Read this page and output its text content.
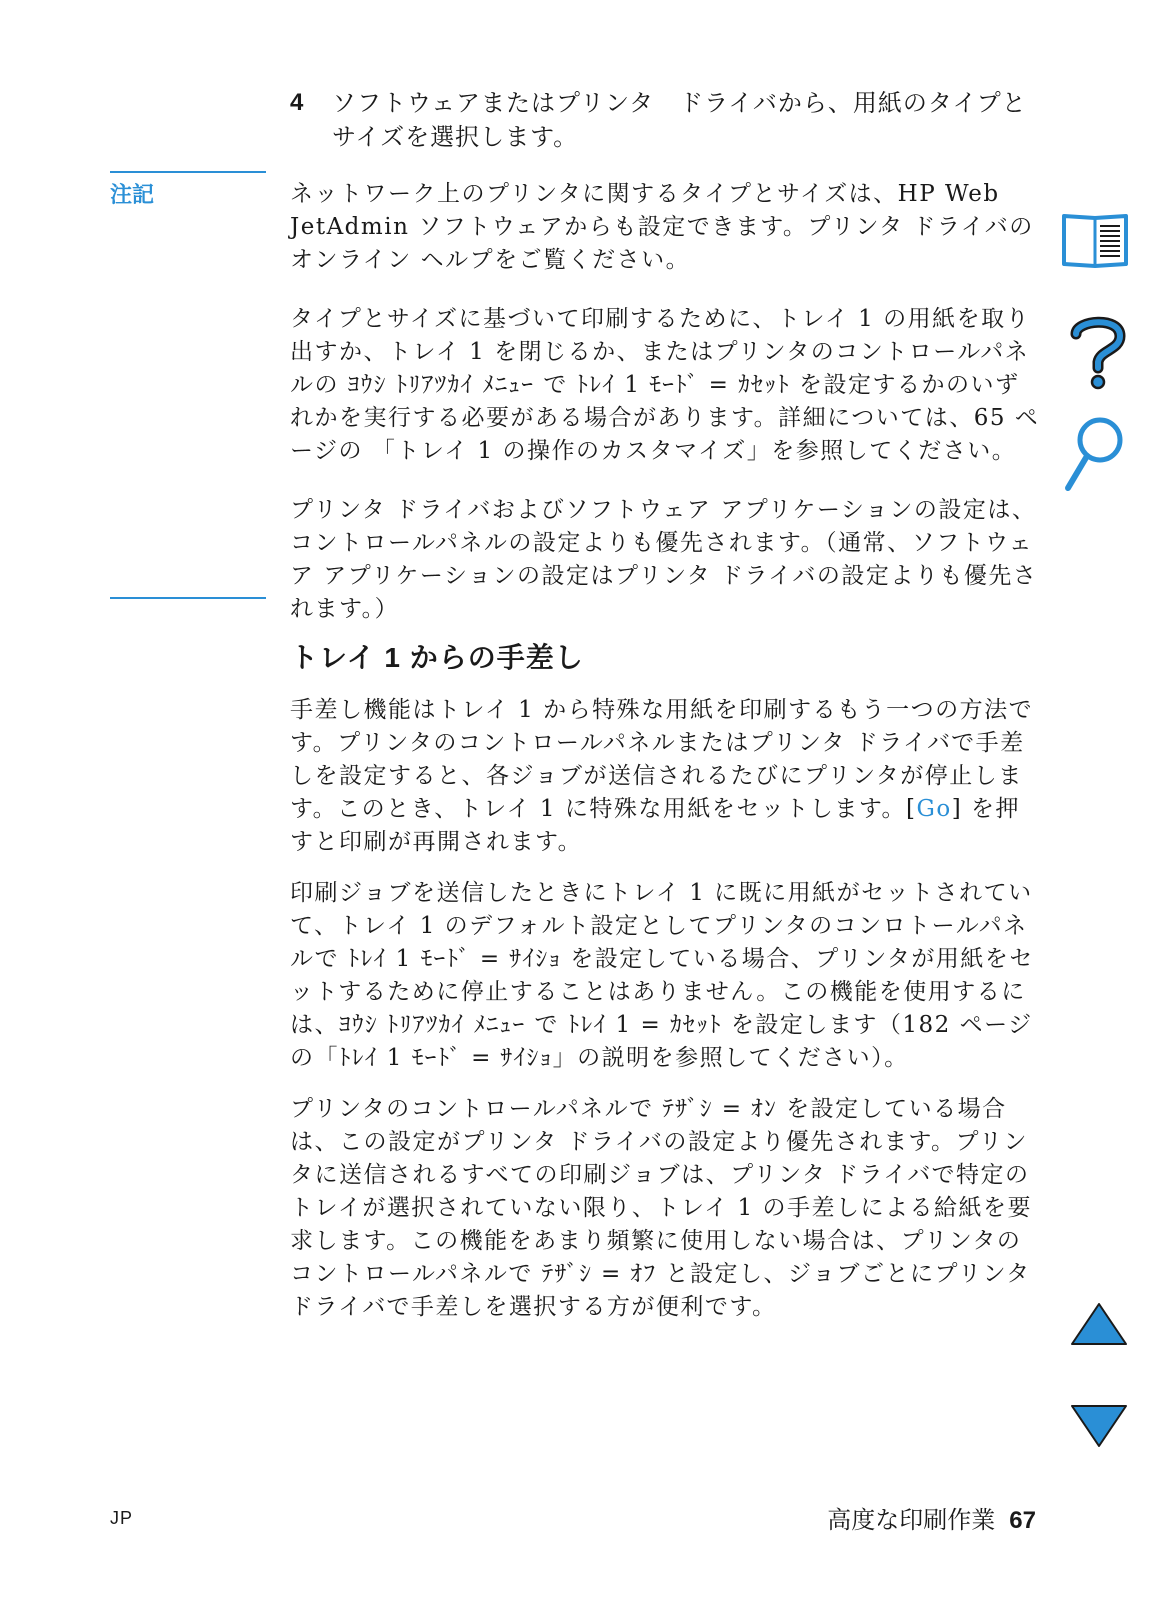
4	ソフトウェアまたはプリンタ　ドライバから、用紙のタイプとサイズを選択します。
注記	ネットワーク上のプリンタに関するタイプとサイズは、HP Web JetAdmin ソフトウェアからも設定できます。プリンタ ドライバのオンライン ヘルプをご覧ください。

タイプとサイズに基づいて印刷するために、トレイ 1 の用紙を取り出すか、トレイ 1 を閉じるか、またはプリンタのコントロールパネルの ﾖｳｼ ﾄﾘｱﾂｶｲ ﾒﾆｭｰ で ﾄﾚｲ 1 ﾓｰﾄﾞ = ｶｾｯﾄ を設定するかのいずれかを実行する必要がある場合があります。詳細については、65 ページの 「トレイ 1 の操作のカスタマイズ」を参照してください。

プリンタ ドライバおよびソフトウェア アプリケーションの設定は、コントロールパネルの設定よりも優先されます。（通常、ソフトウェア アプリケーションの設定はプリンタ ドライバの設定よりも優先されます。）

トレイ 1 からの手差し

手差し機能はトレイ 1 から特殊な用紙を印刷するもう一つの方法です。プリンタのコントロールパネルまたはプリンタ ドライバで手差しを設定すると、各ジョブが送信されるたびにプリンタが停止します。このとき、トレイ 1 に特殊な用紙をセットします。[Go] を押すと印刷が再開されます。

印刷ジョブを送信したときにトレイ 1 に既に用紙がセットされていて、トレイ 1 のデフォルト設定としてプリンタのコンロトールパネルで ﾄﾚｲ 1 ﾓｰﾄﾞ = ｻｲｼｮ を設定している場合、プリンタが用紙をセットするために停止することはありません。この機能を使用するには、ﾖｳｼ ﾄﾘｱﾂｶｲ ﾒﾆｭｰ で ﾄﾚｲ 1 = ｶｾｯﾄ を設定します（182 ページの「ﾄﾚｲ 1 ﾓｰﾄﾞ = ｻｲｼｮ」の説明を参照してください）。

プリンタのコントロールパネルで ﾃｻﾞｼ = ｵﾝ を設定している場合は、この設定がプリンタ ドライバの設定より優先されます。プリンタに送信されるすべての印刷ジョブは、プリンタ ドライバで特定のトレイが選択されていない限り、トレイ 1 の手差しによる給紙を要求します。この機能をあまり頻繁に使用しない場合は、プリンタのコントロールパネルで ﾃｻﾞｼ = ｵﾌ と設定し、ジョブごとにプリンタ ドライバで手差しを選択する方が便利です。

JP	高度な印刷作業 67
